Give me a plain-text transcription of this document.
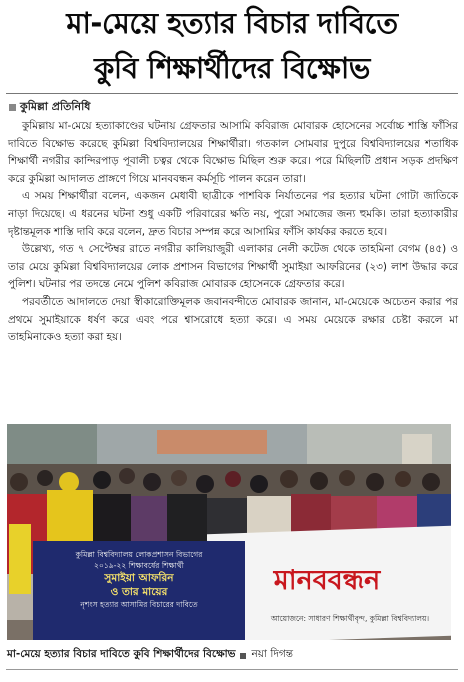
মা-মেয়ে হত্যার বিচার দাবিতে
কুবি শিক্ষার্থীদের বিক্ষোভ
কুমিল্লা প্রতিনিধি

কুমিল্লায় মা-মেয়ে হত্যাকাণ্ডের ঘটনায় গ্রেফতার আসামি কবিরাজ মোবারক হোসেনের সর্বোচ্চ শাস্তি ফাঁসির দাবিতে বিক্ষোভ করেছে কুমিল্লা বিশ্ববিদ্যালয়ের শিক্ষার্থীরা। গতকাল সোমবার দুপুরে বিশ্ববিদ্যালয়ের শতাধিক শিক্ষার্থী নগরীর কান্দিরপাড় পূবালী চত্বর থেকে বিক্ষোভ মিছিল শুরু করে। পরে মিছিলটি প্রধান সড়ক প্রদক্ষিণ করে কুমিল্লা আদালত প্রাঙ্গণে গিয়ে মানববন্ধন কর্মসূচি পালন করেন তারা।

এ সময় শিক্ষার্থীরা বলেন, একজন মেধাবী ছাত্রীকে পাশবিক নির্যাতনের পর হত্যার ঘটনা গোটা জাতিকে নাড়া দিয়েছে। এ ধরনের ঘটনা শুধু একটি পরিবারের ক্ষতি নয়, পুরো সমাজের জন্য হুমকি। তারা হত্যাকারীর দৃষ্টান্তমূলক শাস্তি দাবি করে বলেন, দ্রুত বিচার সম্পন্ন করে আসামির ফাঁসি কার্যকর করতে হবে।

উল্লেখ্য, গত ৭ সেপ্টেম্বর রাতে নগরীর কালিয়াজুরী এলাকার নেলী কটেজ থেকে তাহমিনা বেগম (৪৫) ও তার মেয়ে কুমিল্লা বিশ্ববিদ্যালয়ের লোক প্রশাসন বিভাগের শিক্ষার্থী সুমাইয়া আফরিনের (২৩) লাশ উদ্ধার করে পুলিশ। ঘটনার পর তদন্তে নেমে পুলিশ কবিরাজ মোবারক হোসেনকে গ্রেফতার করে।

পরবর্তীতে আদালতে দেয়া স্বীকারোক্তিমূলক জবানবন্দীতে মোবারক জানান, মা-মেয়েকে অচেতন করার পর প্রথমে সুমাইয়াকে ধর্ষণ করে এবং পরে শ্বাসরোধে হত্যা করে। এ সময় মেয়েকে রক্ষার চেষ্টা করলে মা তাহমিনাকেও হত্যা করা হয়।

কুমিল্লা বিশ্ববিদ্যালয় লোকপ্রশাসন বিভাগের
২০১৯-২২ শিক্ষাবর্ষের শিক্ষার্থী
সুমাইয়া আফরিন
ও তার মায়ের
নৃশংস হত্যার আসামির বিচারের দাবিতে
মানববন্ধন
আয়োজনে: সাধারণ শিক্ষার্থীবৃন্দ, কুমিল্লা বিশ্ববিদ্যালয়।
মা-মেয়ে হত্যার বিচার দাবিতে কুবি শিক্ষার্থীদের বিক্ষোভ নয়া দিগন্ত
